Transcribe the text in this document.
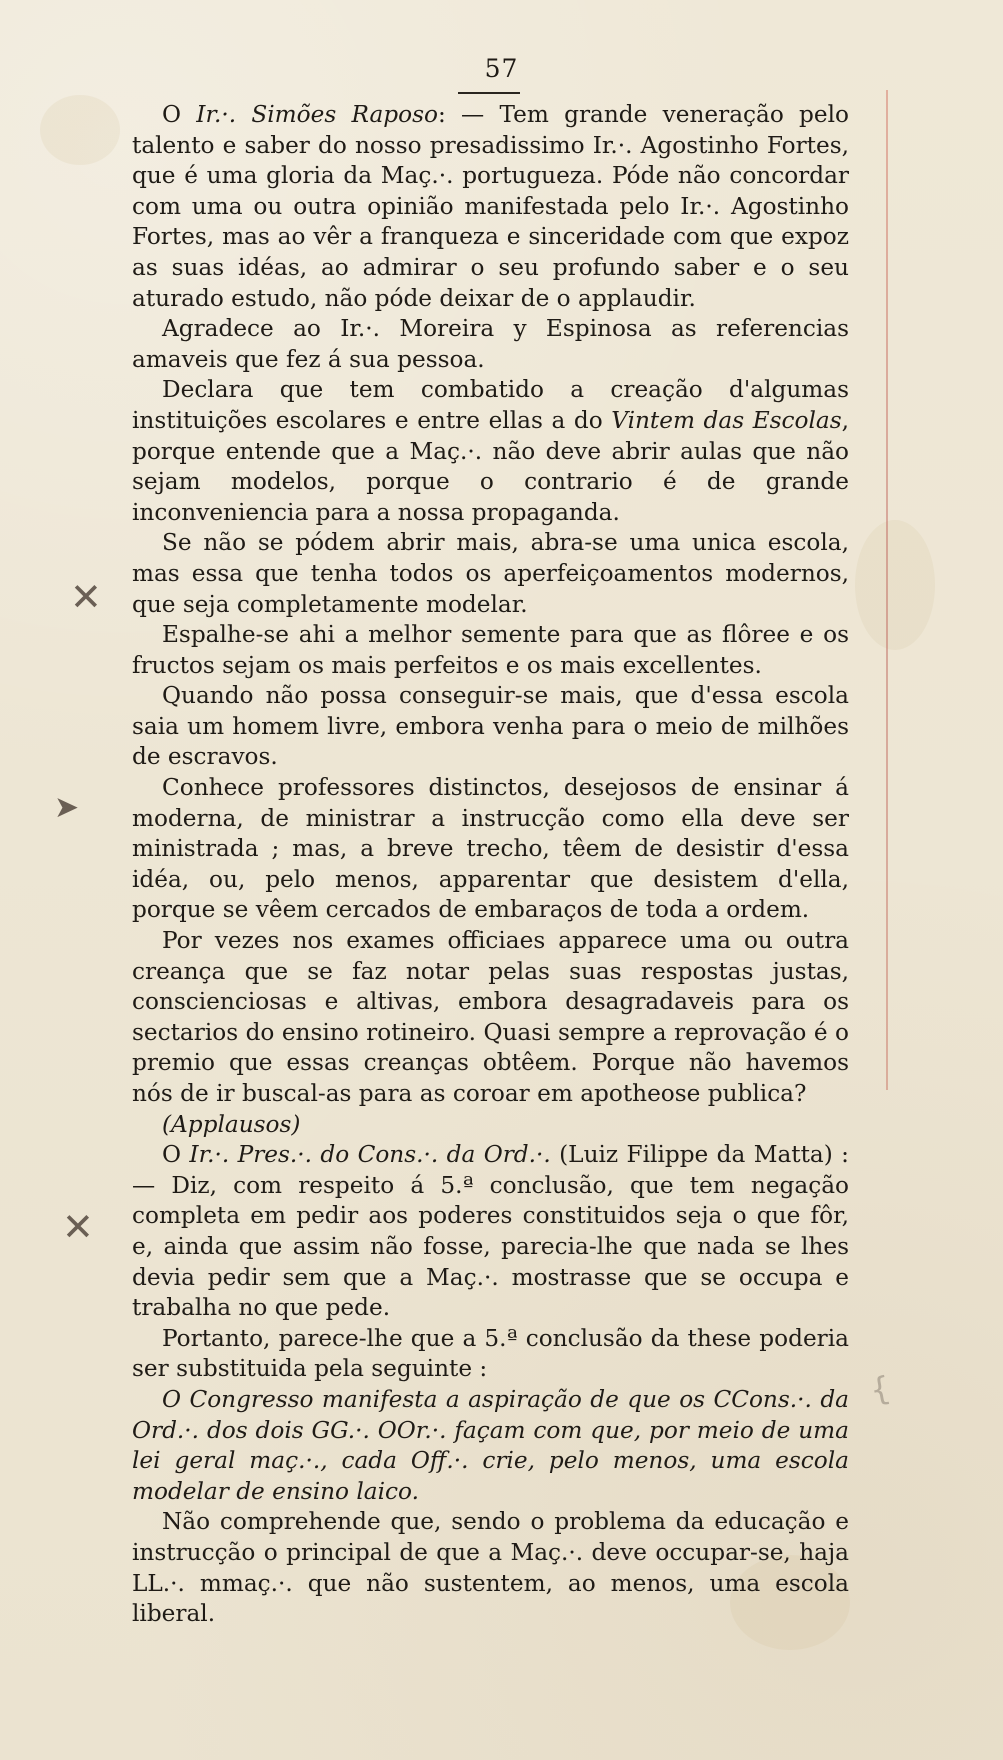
57
✕
➤
✕
{

O Ir.·. Simões Raposo: — Tem grande veneração pelo talento e saber do nosso presadissimo Ir.·. Agostinho Fortes, que é uma gloria da Maç.·. portugueza. Póde não concordar com uma ou outra opinião manifestada pelo Ir.·. Agostinho Fortes, mas ao vêr a franqueza e sinceridade com que expoz as suas idéas, ao admirar o seu profundo saber e o seu aturado estudo, não póde deixar de o applaudir.

Agradece ao Ir.·. Moreira y Espinosa as referencias amaveis que fez á sua pessoa.

Declara que tem combatido a creação d'algumas instituições escolares e entre ellas a do Vintem das Escolas, porque entende que a Maç.·. não deve abrir aulas que não sejam modelos, porque o contrario é de grande inconveniencia para a nossa propaganda.

Se não se pódem abrir mais, abra-se uma unica escola, mas essa que tenha todos os aperfeiçoamentos modernos, que seja completamente modelar.

Espalhe-se ahi a melhor semente para que as flôree e os fructos sejam os mais perfeitos e os mais excellentes.

Quando não possa conseguir-se mais, que d'essa escola saia um homem livre, embora venha para o meio de milhões de escravos.

Conhece professores distinctos, desejosos de ensinar á moderna, de ministrar a instrucção como ella deve ser ministrada ; mas, a breve trecho, têem de desistir d'essa idéa, ou, pelo menos, apparentar que desistem d'ella, porque se vêem cercados de embaraços de toda a ordem.

Por vezes nos exames officiaes apparece uma ou outra creança que se faz notar pelas suas respostas justas, conscienciosas e altivas, embora desagradaveis para os sectarios do ensino rotineiro. Quasi sempre a reprovação é o premio que essas creanças obtêem. Porque não havemos nós de ir buscal-as para as coroar em apotheose publica?

(Applausos)

O Ir.·. Pres.·. do Cons.·. da Ord.·. (Luiz Filippe da Matta) : — Diz, com respeito á 5.ª conclusão, que tem negação completa em pedir aos poderes constituidos seja o que fôr, e, ainda que assim não fosse, parecia-lhe que nada se lhes devia pedir sem que a Maç.·. mostrasse que se occupa e trabalha no que pede.

Portanto, parece-lhe que a 5.ª conclusão da these poderia ser substituida pela seguinte :

O Congresso manifesta a aspiração de que os CCons.·. da Ord.·. dos dois GG.·. OOr.·. façam com que, por meio de uma lei geral maç.·., cada Off.·. crie, pelo menos, uma escola modelar de ensino laico.

Não comprehende que, sendo o problema da educação e instrucção o principal de que a Maç.·. deve occupar-se, haja LL.·. mmaç.·. que não sustentem, ao menos, uma escola liberal.
